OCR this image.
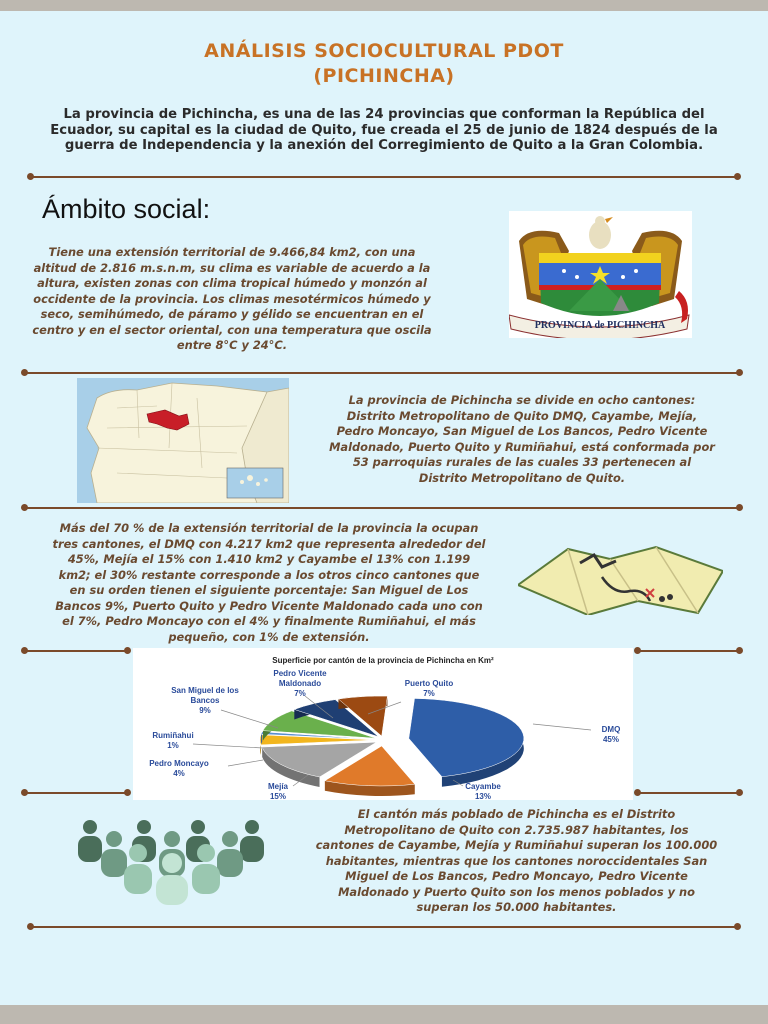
ANÁLISIS SOCIOCULTURAL PDOT
(PICHINCHA)
La provincia de Pichincha, es una de las 24 provincias que conforman la República del Ecuador, su capital es la ciudad de Quito, fue creada el 25 de junio de 1824 después de la guerra de Independencia y la anexión del Corregimiento de Quito a la Gran Colombia.
Ámbito social:
Tiene una extensión territorial de 9.466,84 km2, con una altitud de 2.816 m.s.n.m, su clima es variable de acuerdo a la altura, existen zonas con clima tropical húmedo y monzón al occidente de la provincia. Los climas mesotérmicos húmedo y seco, semihúmedo, de páramo y gélido se encuentran en el centro y en el sector oriental, con una temperatura que oscila entre 8°C y 24°C.
PROVINCIA de PICHINCHA
La provincia de Pichincha se divide en ocho cantones: Distrito Metropolitano de Quito DMQ, Cayambe, Mejía, Pedro Moncayo, San Miguel de Los Bancos, Pedro Vicente Maldonado, Puerto Quito y Rumiñahui, está conformada por 53 parroquias rurales de las cuales 33 pertenecen al Distrito Metropolitano de Quito.
Más del 70 % de la extensión territorial de la provincia la ocupan tres cantones, el DMQ con 4.217 km2 que representa alrededor del 45%, Mejía el 15% con 1.410 km2 y Cayambe el 13% con 1.199 km2; el 30% restante corresponde a los otros cinco cantones que en su orden tienen el siguiente porcentaje: San Miguel de Los Bancos 9%, Puerto Quito y Pedro Vicente Maldonado cada uno con el 7%, Pedro Moncayo con el 4% y finalmente Rumiñahui, el más pequeño, con 1% de extensión.
Superficie por cantón de la provincia de Pichincha en Km²
DMQ
45%
Cayambe
13%
Mejía
15%
Pedro Moncayo
4%
Rumiñahui
1%
San Miguel de los
Bancos
9%
Pedro Vicente
Maldonado
7%
Puerto Quito
7%
El cantón más poblado de Pichincha es el Distrito Metropolitano de Quito con 2.735.987 habitantes, los cantones de Cayambe, Mejía y Rumiñahui superan los 100.000 habitantes, mientras que los cantones noroccidentales San Miguel de Los Bancos, Pedro Moncayo, Pedro Vicente Maldonado y Puerto Quito son los menos poblados y no superan los 50.000 habitantes.
